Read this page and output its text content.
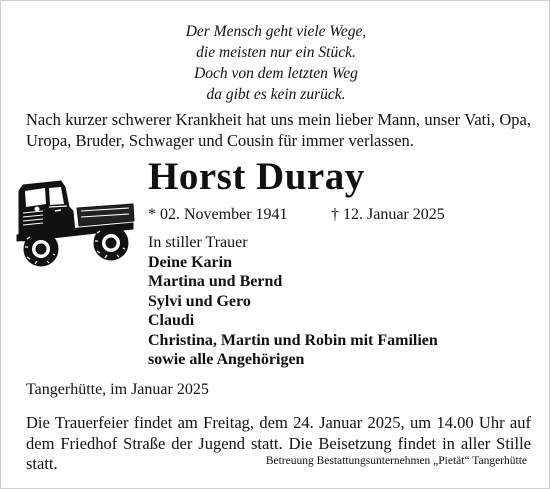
Der Mensch geht viele Wege,
die meisten nur ein Stück.
Doch von dem letzten Weg
da gibt es kein zurück.
Nach kurzer schwerer Krankheit hat uns mein lieber Mann, unser Vati, Opa, Uropa, Bruder, Schwager und Cousin für immer verlassen.
Horst Duray
* 02. November 1941	† 12. Januar 2025
In stiller Trauer
Deine Karin
Martina und Bernd
Sylvi und Gero
Claudi
Christina, Martin und Robin mit Familien
sowie alle Angehörigen
Tangerhütte, im Januar 2025
Die Trauerfeier findet am Freitag, dem 24. Januar 2025, um 14.00 Uhr auf dem Friedhof Straße der Jugend statt. Die Beisetzung findet in aller Stille statt.	Betreuung Bestattungsunternehmen „Pietät“ Tangerhütte
